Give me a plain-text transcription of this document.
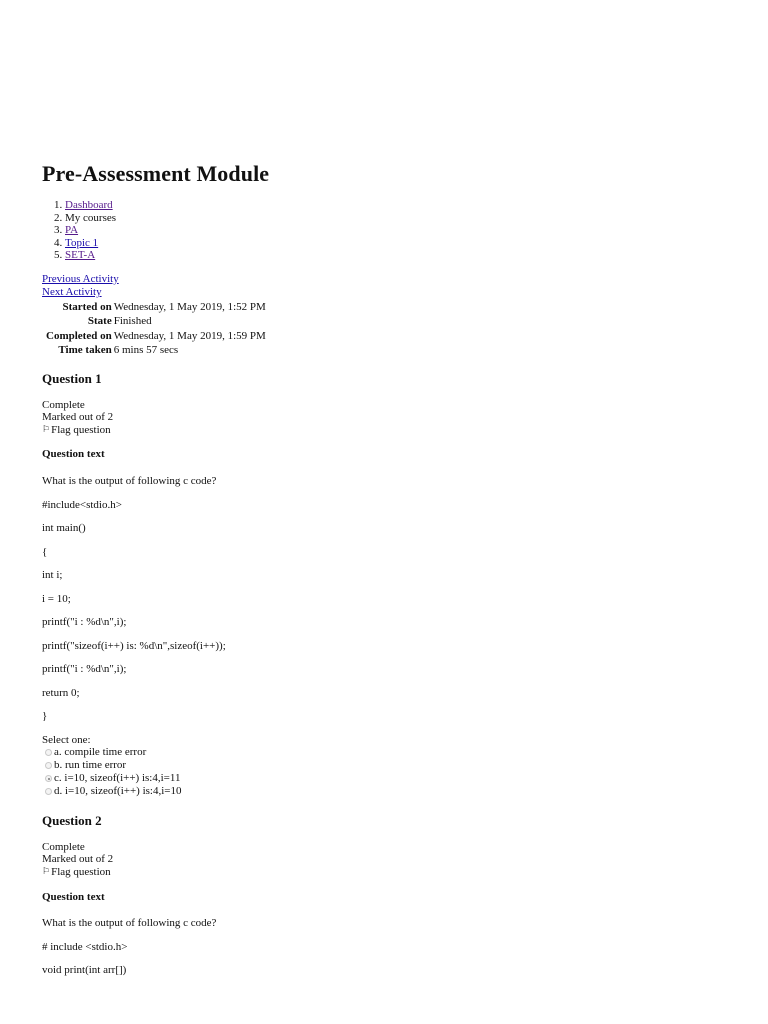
Pre-Assessment Module
1. Dashboard
2. My courses
3. PA
4. Topic 1
5. SET-A
Previous Activity
Next Activity
Started on	Wednesday, 1 May 2019, 1:52 PM
State	Finished
Completed on	Wednesday, 1 May 2019, 1:59 PM
Time taken	6 mins 57 secs
Question 1
Complete
Marked out of 2
⚐ Flag question
Question text

What is the output of following c code?

#include<stdio.h>

int main()

{

int i;

i = 10;

printf("i : %d\n",i);

printf("sizeof(i++) is: %d\n",sizeof(i++));

printf("i : %d\n",i);

return 0;

}

Select one:
a. compile time error
b. run time error
c. i=10, sizeof(i++) is:4,i=11
d. i=10, sizeof(i++) is:4,i=10
Question 2
Complete
Marked out of 2
⚐ Flag question
Question text

What is the output of following c code?

# include <stdio.h>

void print(int arr[])
